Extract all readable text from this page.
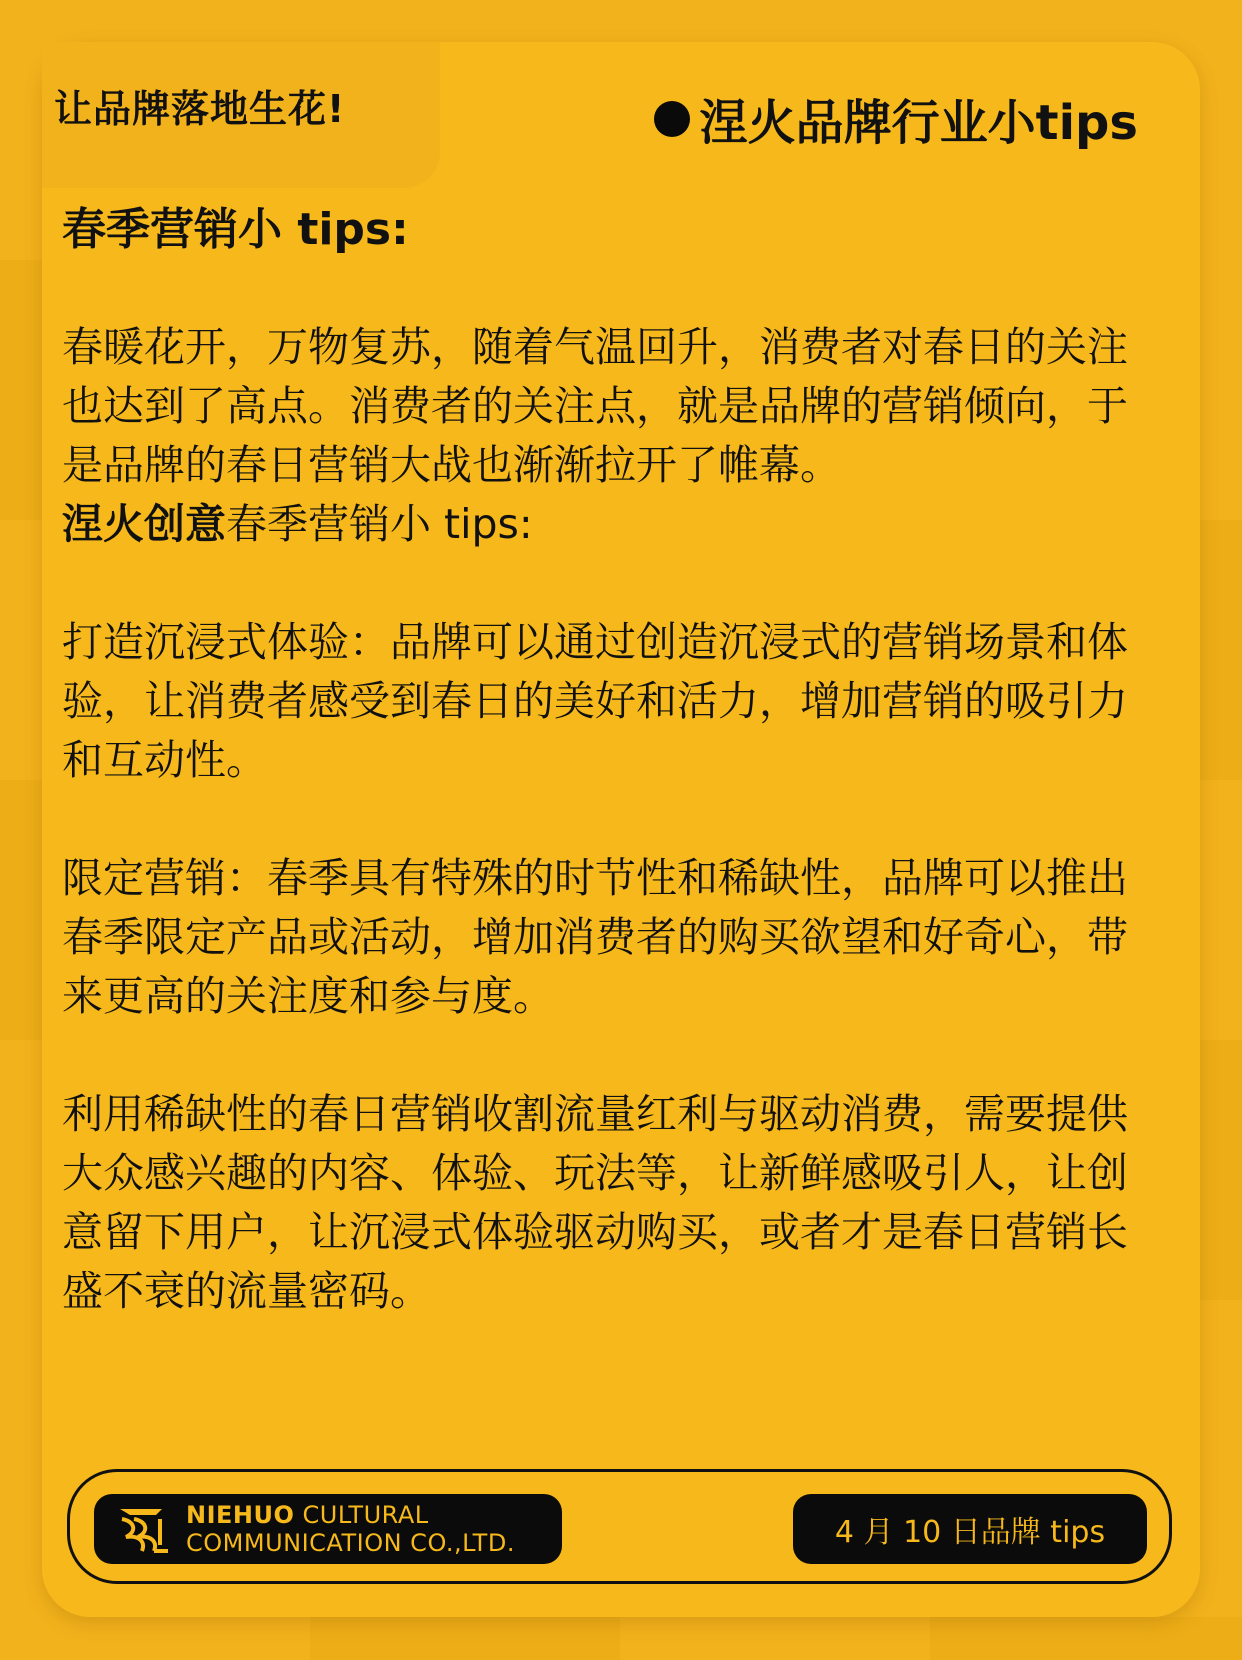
春季营销小 tips:

春暖花开，万物复苏，随着气温回升，消费者对春日的关注也达到了高点。消费者的关注点，就是品牌的营销倾向，于是品牌的春日营销大战也渐渐拉开了帷幕。

涅火创意春季营销小 tips:

打造沉浸式体验：品牌可以通过创造沉浸式的营销场景和体验，让消费者感受到春日的美好和活力，增加营销的吸引力和互动性。

限定营销：春季具有特殊的时节性和稀缺性，品牌可以推出春季限定产品或活动，增加消费者的购买欲望和好奇心，带来更高的关注度和参与度。

利用稀缺性的春日营销收割流量红利与驱动消费，需要提供大众感兴趣的内容、体验、玩法等，让新鲜感吸引人，让创意留下用户，让沉浸式体验驱动购买，或者才是春日营销长盛不衰的流量密码。

NIEHUO CULTURAL
COMMUNICATION CO.,LTD.	4 月 10 日品牌 tips
让品牌落地生花!	涅火品牌行业小tips
